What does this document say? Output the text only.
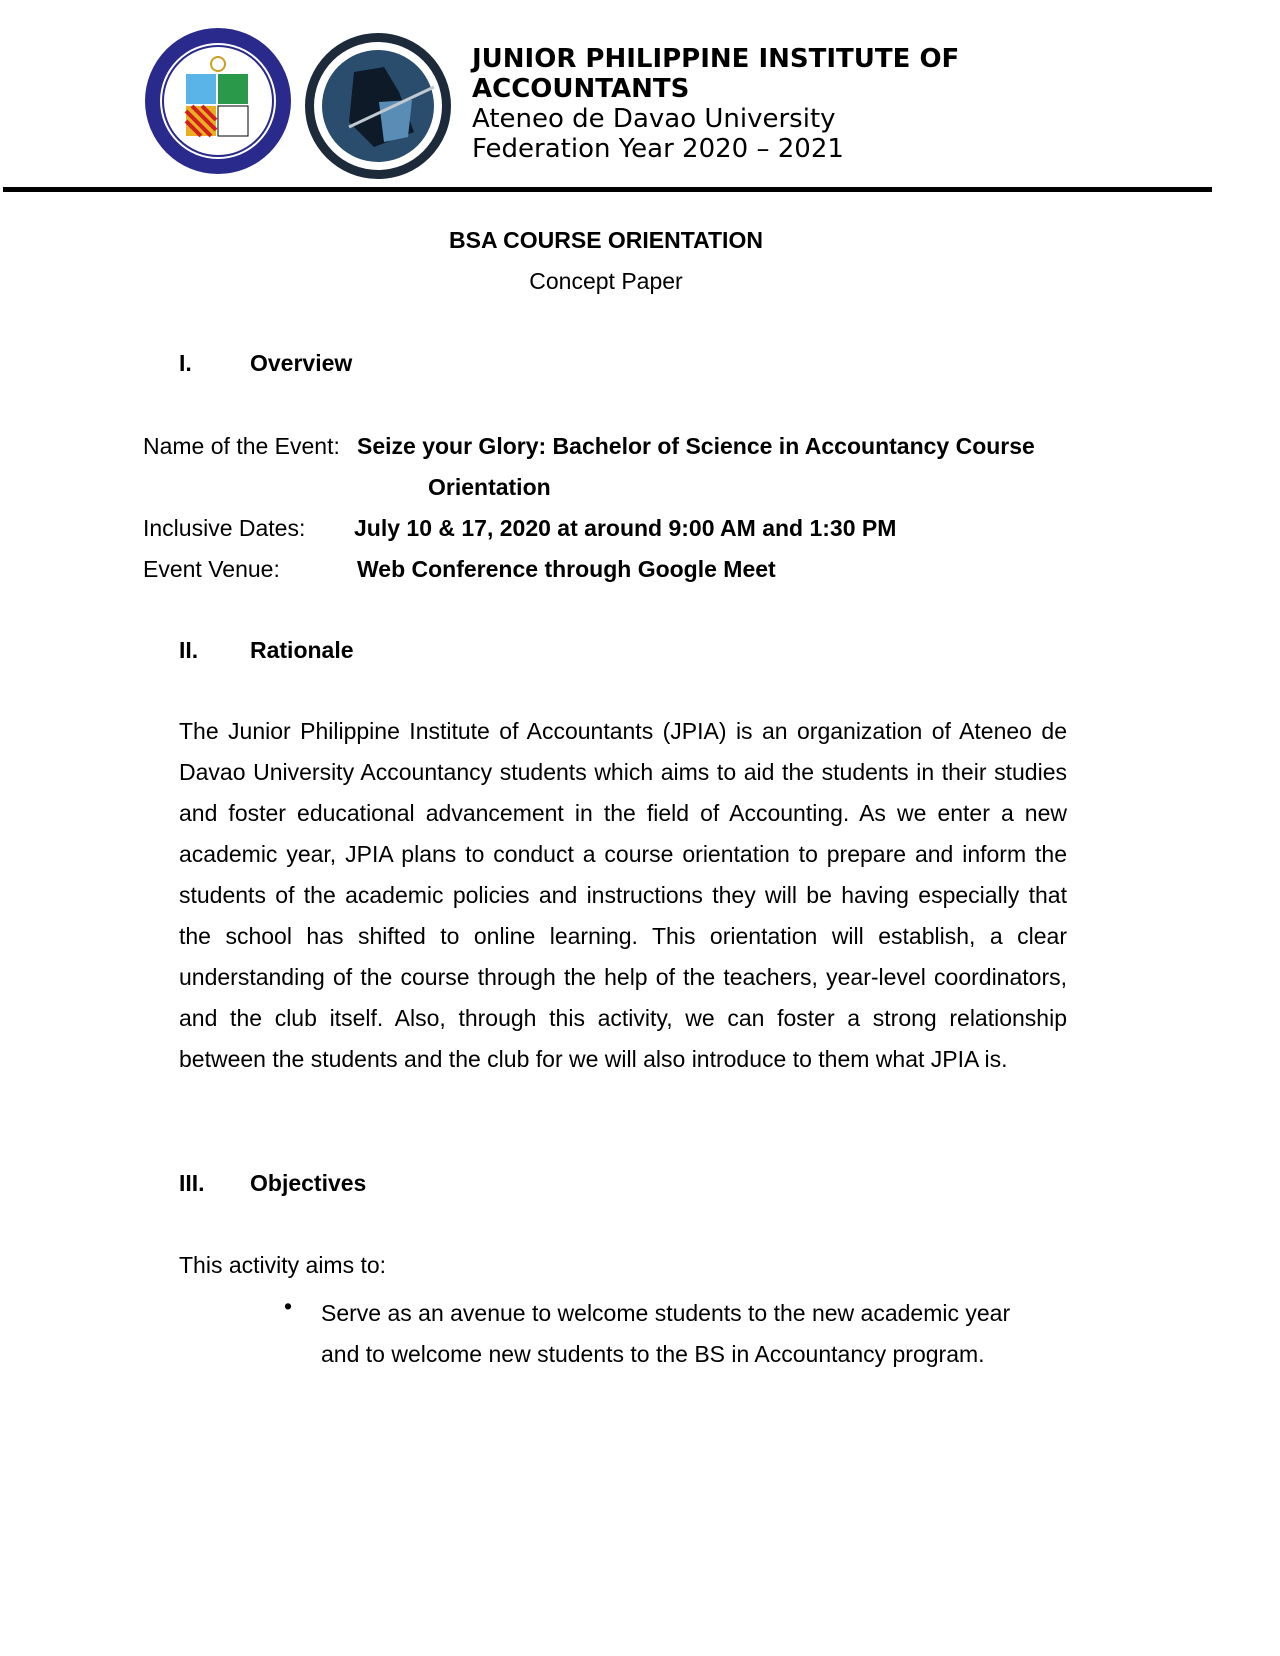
JUNIOR PHILIPPINE INSTITUTE OF
ACCOUNTANTS
Ateneo de Davao University
Federation Year 2020 – 2021
BSA COURSE ORIENTATION
Concept Paper
I.	Overview
Name of the Event: Seize your Glory: Bachelor of Science in Accountancy Course
Orientation
Inclusive Dates: July 10 & 17, 2020 at around 9:00 AM and 1:30 PM
Event Venue:	Web Conference through Google Meet
II. Rationale
The Junior Philippine Institute of Accountants (JPIA) is an organization of Ateneo de Davao University Accountancy students which aims to aid the students in their studies and foster educational advancement in the field of Accounting. As we enter a new academic year, JPIA plans to conduct a course orientation to prepare and inform the students of the academic policies and instructions they will be having especially that the school has shifted to online learning. This orientation will establish, a clear understanding of the course through the help of the teachers, year-level coordinators, and the club itself. Also, through this activity, we can foster a strong relationship between the students and the club for we will also introduce to them what JPIA is.
III. Objectives
This activity aims to:
• Serve as an avenue to welcome students to the new academic year
and to welcome new students to the BS in Accountancy program.
